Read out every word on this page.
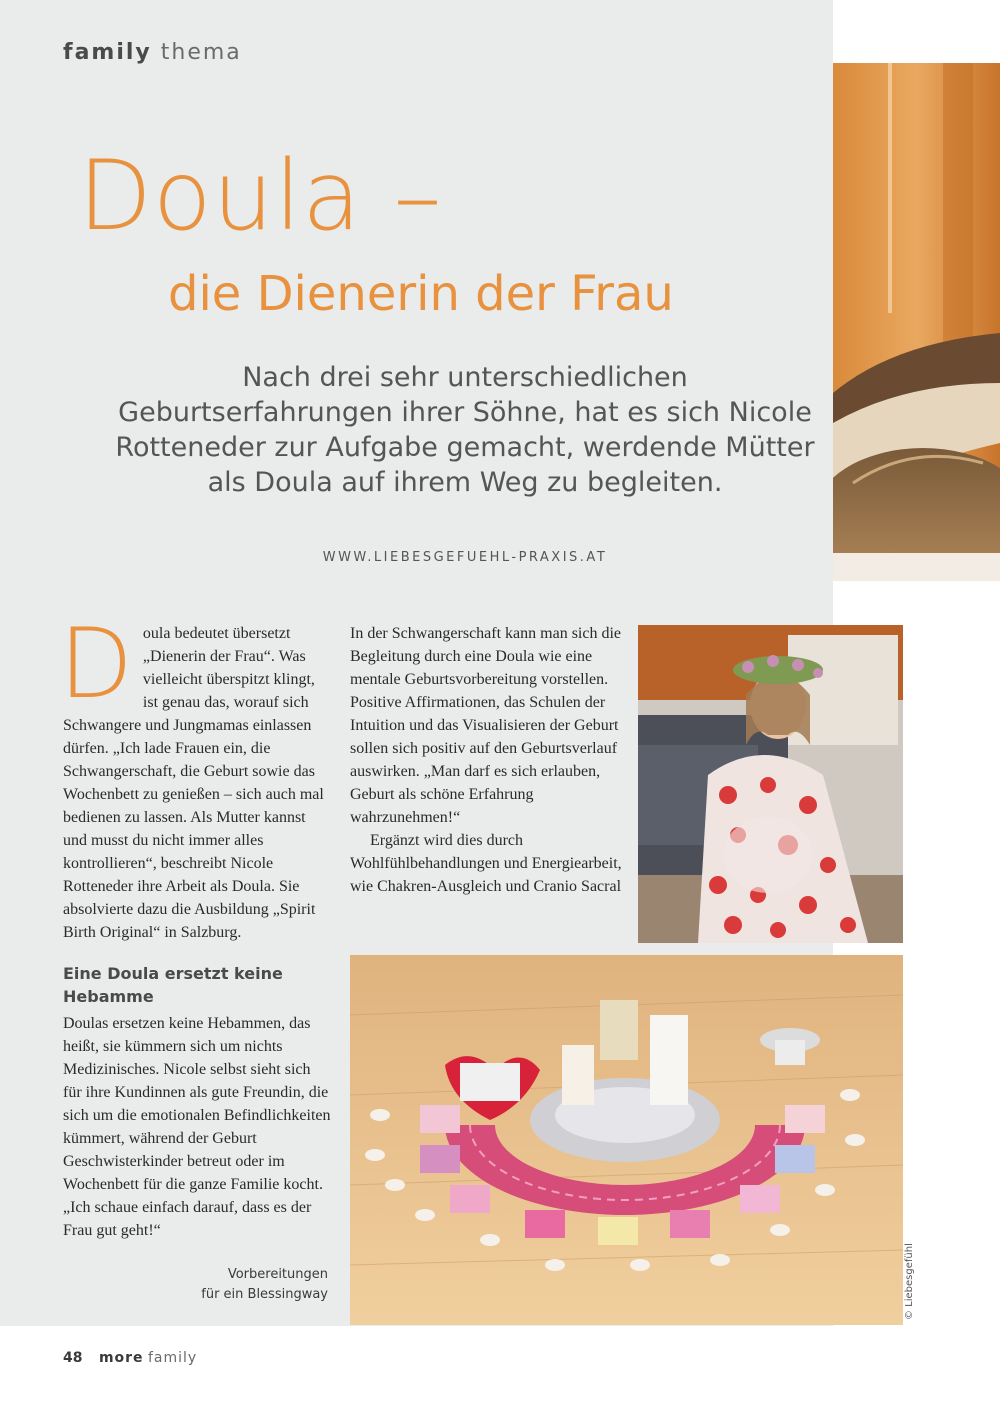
family thema
Doula –
die Dienerin der Frau
Nach drei sehr unterschiedlichen Geburtserfahrungen ihrer Söhne, hat es sich Nicole Rotteneder zur Aufgabe gemacht, werdende Mütter als Doula auf ihrem Weg zu begleiten.
WWW.LIEBESGEFUEHL-PRAXIS.AT
D oula bedeutet übersetzt „Dienerin der Frau“. Was vielleicht überspitzt klingt, ist genau das, worauf sich Schwangere und Jungmamas einlassen dürfen. „Ich lade Frauen ein, die Schwangerschaft, die Geburt sowie das Wochenbett zu genießen – sich auch mal bedienen zu lassen. Als Mutter kannst und musst du nicht immer alles kontrollieren“, beschreibt Nicole Rotteneder ihre Arbeit als Doula. Sie absolvierte dazu die Ausbildung „Spirit Birth Original“ in Salzburg.

In der Schwangerschaft kann man sich die Begleitung durch eine Doula wie eine mentale Geburtsvorbereitung vorstellen. Positive Affirmationen, das Schulen der Intuition und das Visualisieren der Geburt sollen sich positiv auf den Geburtsverlauf auswirken. „Man darf es sich erlauben, Geburt als schöne Erfahrung wahrzunehmen!“

Ergänzt wird dies durch Wohlfühlbehandlungen und Energiearbeit, wie Chakren-Ausgleich und Cranio Sacral

Eine Doula ersetzt keine Hebamme
Doulas ersetzen keine Hebammen, das heißt, sie kümmern sich um nichts Medizinisches. Nicole selbst sieht sich für ihre Kundinnen als gute Freundin, die sich um die emotionalen Befindlichkeiten kümmert, während der Geburt Geschwisterkinder betreut oder im Wochenbett für die ganze Familie kocht. „Ich schaue einfach darauf, dass es der Frau gut geht!“
Vorbereitungen
für ein Blessingway	© Liebesgefühl
48 more family
